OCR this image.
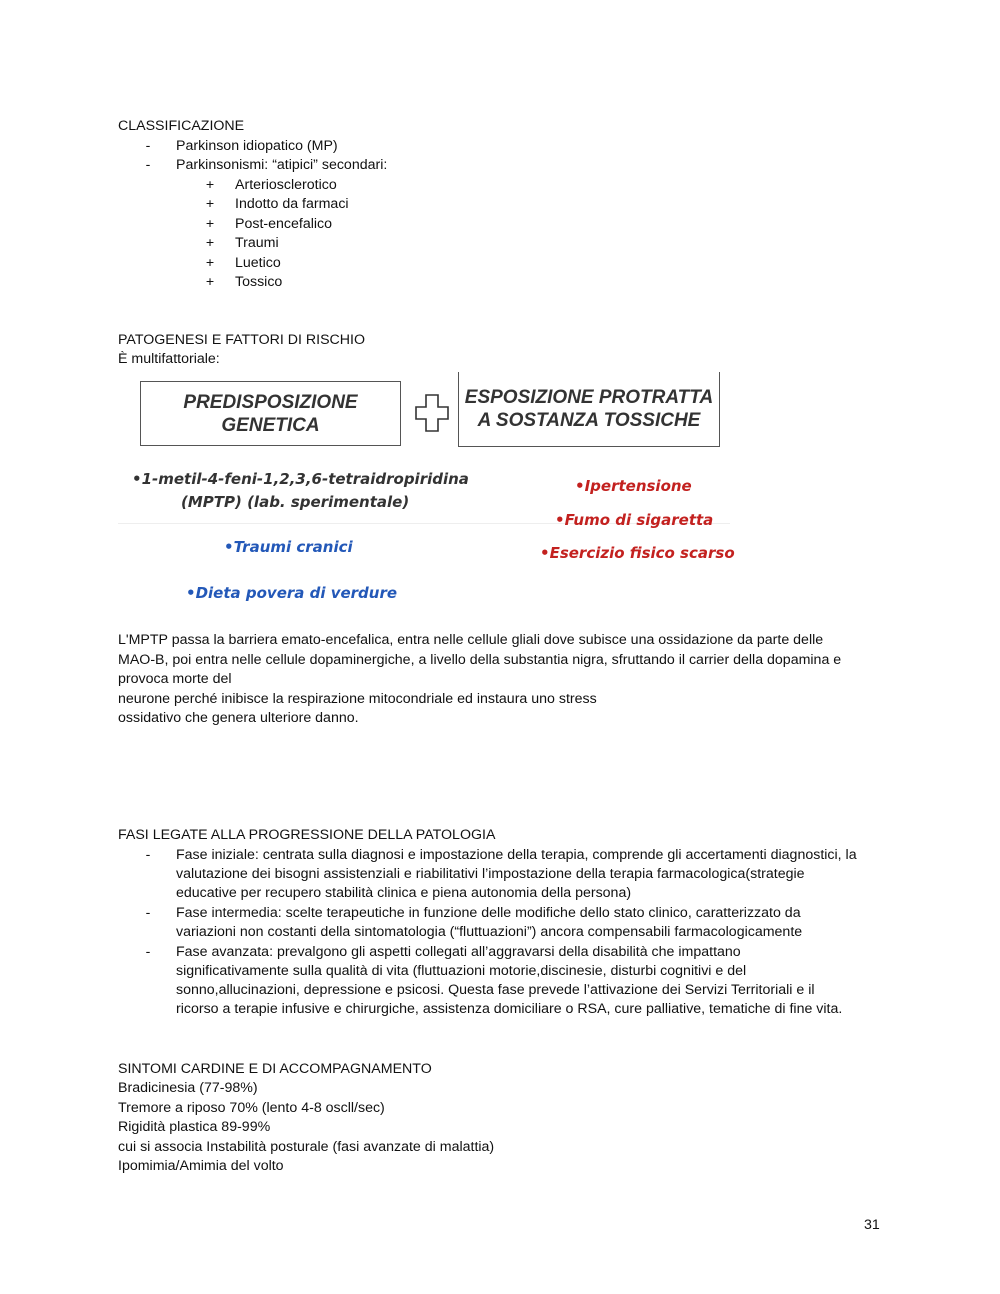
CLASSIFICAZIONE
-	Parkinson idiopatico (MP)
-	Parkinsonismi: “atipici” secondari:
+	Arteriosclerotico
+	Indotto da farmaci
+	Post-encefalico
+	Traumi
+	Luetico
+	Tossico
PATOGENESI E FATTORI DI RISCHIO
È multifattoriale:
PREDISPOSIZIONE
GENETICA
ESPOSIZIONE PROTRATTA
A SOSTANZA TOSSICHE
•1-metil-4-feni-1,2,3,6-tetraidropiridina
(MPTP) (lab. sperimentale)
•Traumi cranici
•Dieta povera di verdure
•Ipertensione
•Fumo di sigaretta
•Esercizio fisico scarso
L'MPTP passa la barriera emato-encefalica, entra nelle cellule gliali dove subisce una ossidazione da parte delle
MAO-B, poi entra nelle cellule dopaminergiche, a livello della substantia nigra, sfruttando il carrier della dopamina e
provoca morte del
neurone perché inibisce la respirazione mitocondriale ed instaura uno stress
ossidativo che genera ulteriore danno.
FASI LEGATE ALLA PROGRESSIONE DELLA PATOLOGIA
-	Fase iniziale: centrata sulla diagnosi e impostazione della terapia, comprende gli accertamenti diagnostici, la
valutazione dei bisogni assistenziali e riabilitativi l’impostazione della terapia farmacologica(strategie
educative per recupero stabilità clinica e piena autonomia della persona)
-	Fase intermedia: scelte terapeutiche in funzione delle modifiche dello stato clinico, caratterizzato da
variazioni non costanti della sintomatologia (“fluttuazioni”) ancora compensabili farmacologicamente
-	Fase avanzata: prevalgono gli aspetti collegati all’aggravarsi della disabilità che impattano
significativamente sulla qualità di vita (fluttuazioni motorie,discinesie, disturbi cognitivi e del
sonno,allucinazioni, depressione e psicosi. Questa fase prevede l’attivazione dei Servizi Territoriali e il
ricorso a terapie infusive e chirurgiche, assistenza domiciliare o RSA, cure palliative, tematiche di fine vita.
SINTOMI CARDINE E DI ACCOMPAGNAMENTO
Bradicinesia (77-98%)
Tremore a riposo 70% (lento 4-8 oscll/sec)
Rigidità plastica 89-99%
cui si associa Instabilità posturale (fasi avanzate di malattia)
Ipomimia/Amimia del volto
31
